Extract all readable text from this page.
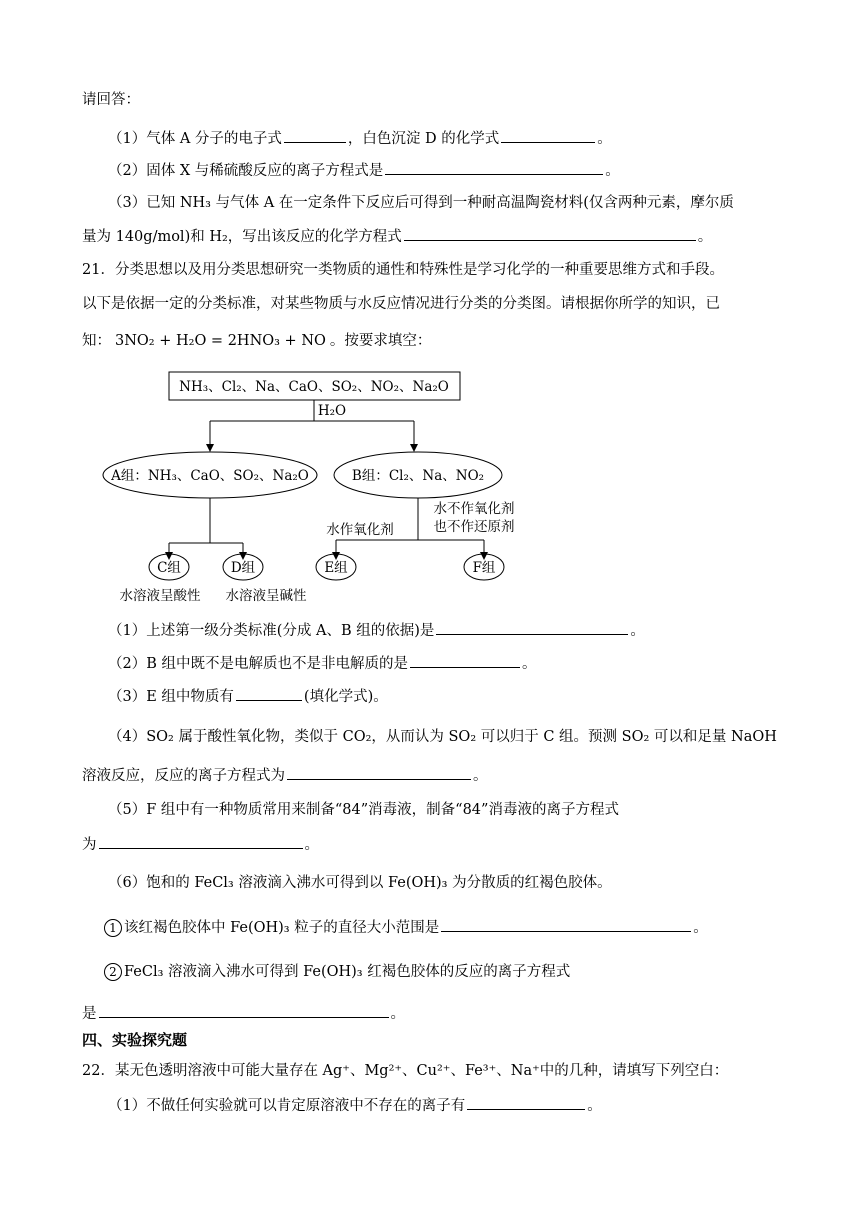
请回答：
（1）气体 A 分子的电子式	，白色沉淀 D 的化学式	。
（2）固体 X 与稀硫酸反应的离子方程式是	。
（3）已知 NH₃ 与气体 A 在一定条件下反应后可得到一种耐高温陶瓷材料(仅含两种元素，摩尔质
量为 140g/mol)和 H₂，写出该反应的化学方程式	。
21．分类思想以及用分类思想研究一类物质的通性和特殊性是学习化学的一种重要思维方式和手段。
以下是依据一定的分类标准，对某些物质与水反应情况进行分类的分类图。请根据你所学的知识，已
知： 3NO₂ + H₂O = 2HNO₃ + NO 。按要求填空：
NH₃、Cl₂、Na、CaO、SO₂、NO₂、Na₂O
H₂O
A组：NH₃、CaO、SO₂、Na₂O	B组：Cl₂、Na、NO₂
水作氧化剂
水不作氧化剂
也不作还原剂
C组	D组	E组	F组
水溶液呈酸性 水溶液呈碱性
（1）上述第一级分类标准(分成 A、B 组的依据)是	。
（2）B 组中既不是电解质也不是非电解质的是	。
（3）E 组中物质有	(填化学式)。
（4）SO₂ 属于酸性氧化物，类似于 CO₂，从而认为 SO₂ 可以归于 C 组。预测 SO₂ 可以和足量 NaOH
溶液反应，反应的离子方程式为	。
（5）F 组中有一种物质常用来制备“84”消毒液，制备“84”消毒液的离子方程式
为	。
（6）饱和的 FeCl₃ 溶液滴入沸水可得到以 Fe(OH)₃ 为分散质的红褐色胶体。
1 该红褐色胶体中 Fe(OH)₃ 粒子的直径大小范围是	。
2 FeCl₃ 溶液滴入沸水可得到 Fe(OH)₃ 红褐色胶体的反应的离子方程式
是	。
四、实验探究题
22．某无色透明溶液中可能大量存在 Ag⁺、Mg²⁺、Cu²⁺、Fe³⁺、Na⁺中的几种，请填写下列空白：
（1）不做任何实验就可以肯定原溶液中不存在的离子有	。
